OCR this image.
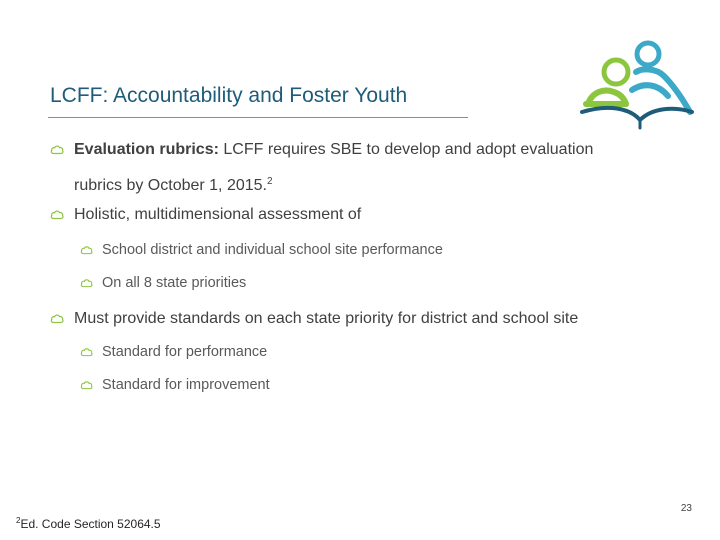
LCFF: Accountability and Foster Youth
Evaluation rubrics: LCFF requires SBE to develop and adopt evaluation
rubrics by October 1, 2015.$^2$
Holistic, multidimensional assessment of
School district and individual school site performance
On all 8 state priorities
Must provide standards on each state priority for district and school site
Standard for performance
Standard for improvement
23
$^2$Ed. Code Section 52064.5
